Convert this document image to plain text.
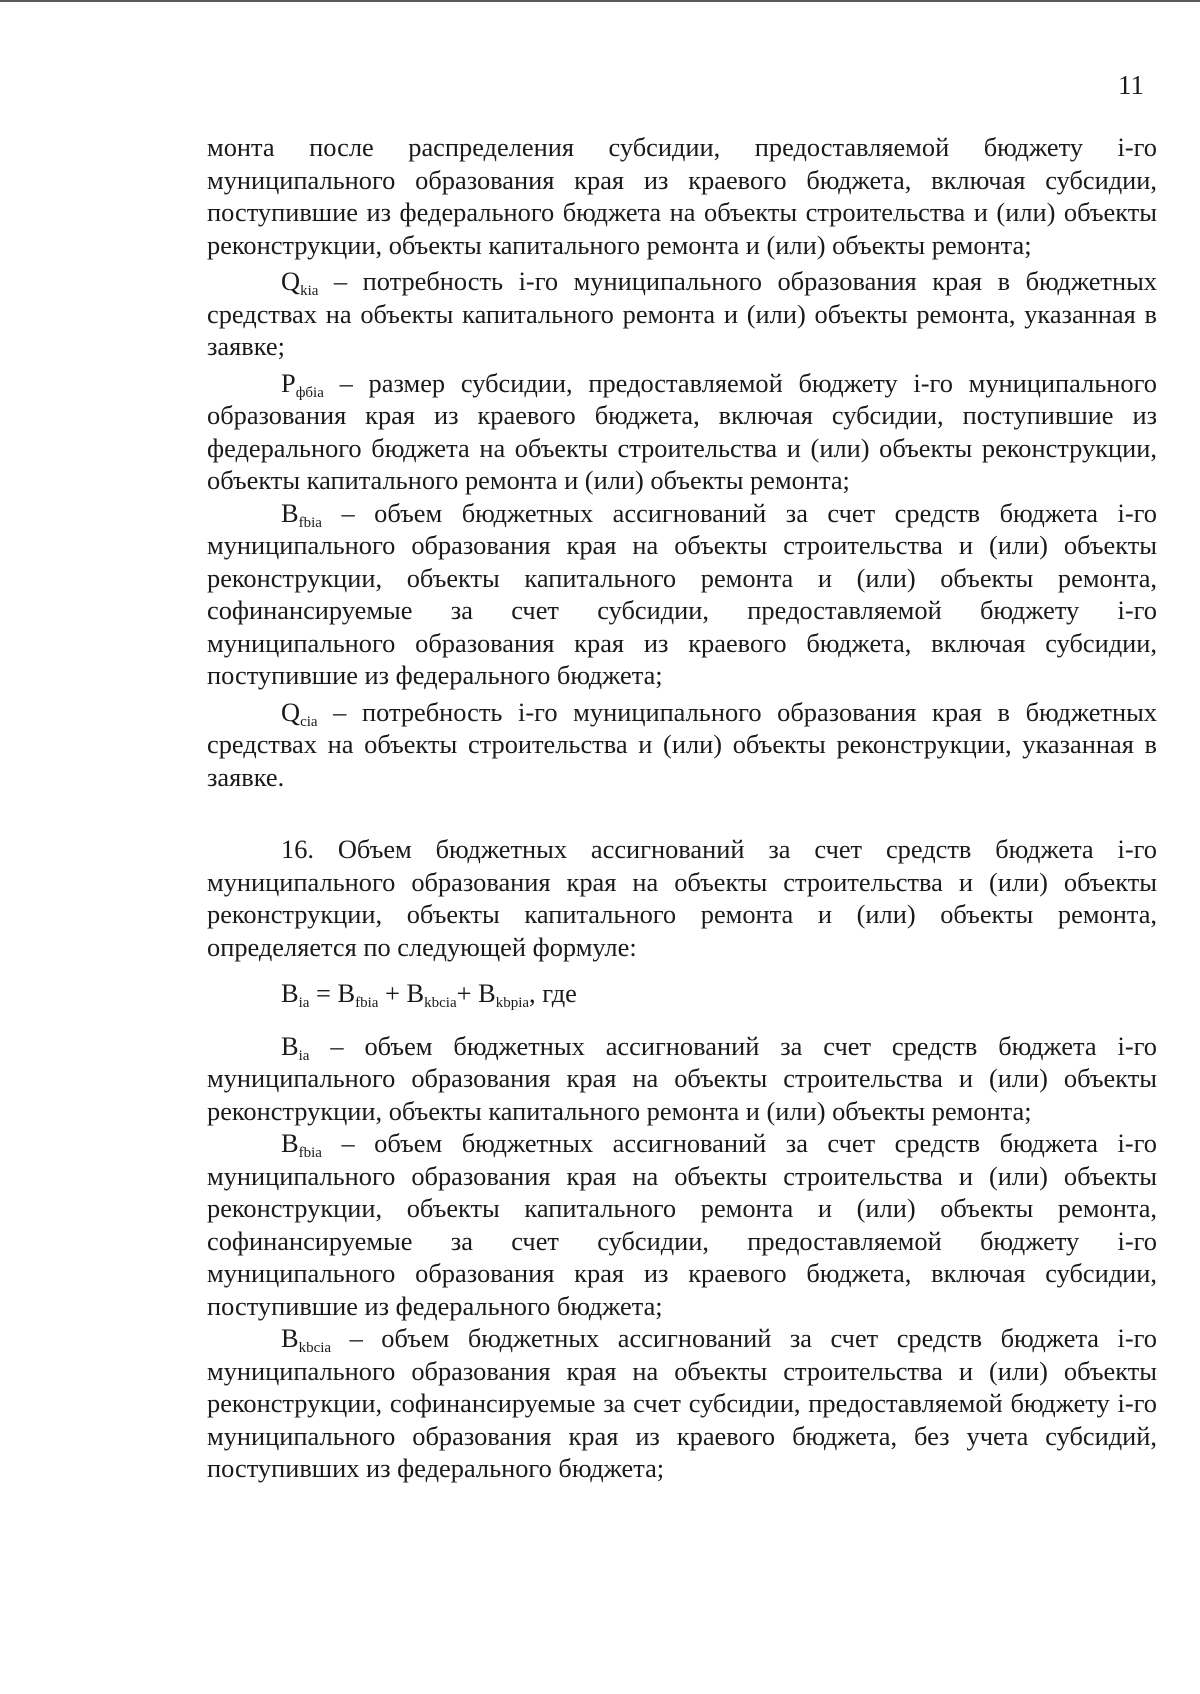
11

монта после распределения субсидии, предоставляемой бюджету i-го муниципального образования края из краевого бюджета, включая субсидии, поступившие из федерального бюджета на объекты строительства и (или) объекты реконструкции, объекты капитального ремонта и (или) объекты ремонта;

$Q_{kia}$ – потребность i-го муниципального образования края в бюджетных средствах на объекты капитального ремонта и (или) объекты ремонта, указанная в заявке;

$P_{фбia}$ – размер субсидии, предоставляемой бюджету i-го муниципального образования края из краевого бюджета, включая субсидии, поступившие из федерального бюджета на объекты строительства и (или) объекты реконструкции, объекты капитального ремонта и (или) объекты ремонта;

$B_{fbia}$ – объем бюджетных ассигнований за счет средств бюджета i-го муниципального образования края на объекты строительства и (или) объекты реконструкции, объекты капитального ремонта и (или) объекты ремонта, софинансируемые за счет субсидии, предоставляемой бюджету i-го муниципального образования края из краевого бюджета, включая субсидии, поступившие из федерального бюджета;

$Q_{cia}$ – потребность i-го муниципального образования края в бюджетных средствах на объекты строительства и (или) объекты реконструкции, указанная в заявке.

16. Объем бюджетных ассигнований за счет средств бюджета i-го муниципального образования края на объекты строительства и (или) объекты реконструкции, объекты капитального ремонта и (или) объекты ремонта, определяется по следующей формуле:

$B_{ia} = B_{fbia} + B_{kbcia}+ B_{kbpia}$, где

$B_{ia}$ – объем бюджетных ассигнований за счет средств бюджета i-го муниципального образования края на объекты строительства и (или) объекты реконструкции, объекты капитального ремонта и (или) объекты ремонта;

$B_{fbia}$ – объем бюджетных ассигнований за счет средств бюджета i-го муниципального образования края на объекты строительства и (или) объекты реконструкции, объекты капитального ремонта и (или) объекты ремонта, софинансируемые за счет субсидии, предоставляемой бюджету i-го муниципального образования края из краевого бюджета, включая субсидии, поступившие из федерального бюджета;

$B_{kbcia}$ – объем бюджетных ассигнований за счет средств бюджета i-го муниципального образования края на объекты строительства и (или) объекты реконструкции, софинансируемые за счет субсидии, предоставляемой бюджету i-го муниципального образования края из краевого бюджета, без учета субсидий, поступивших из федерального бюджета;
